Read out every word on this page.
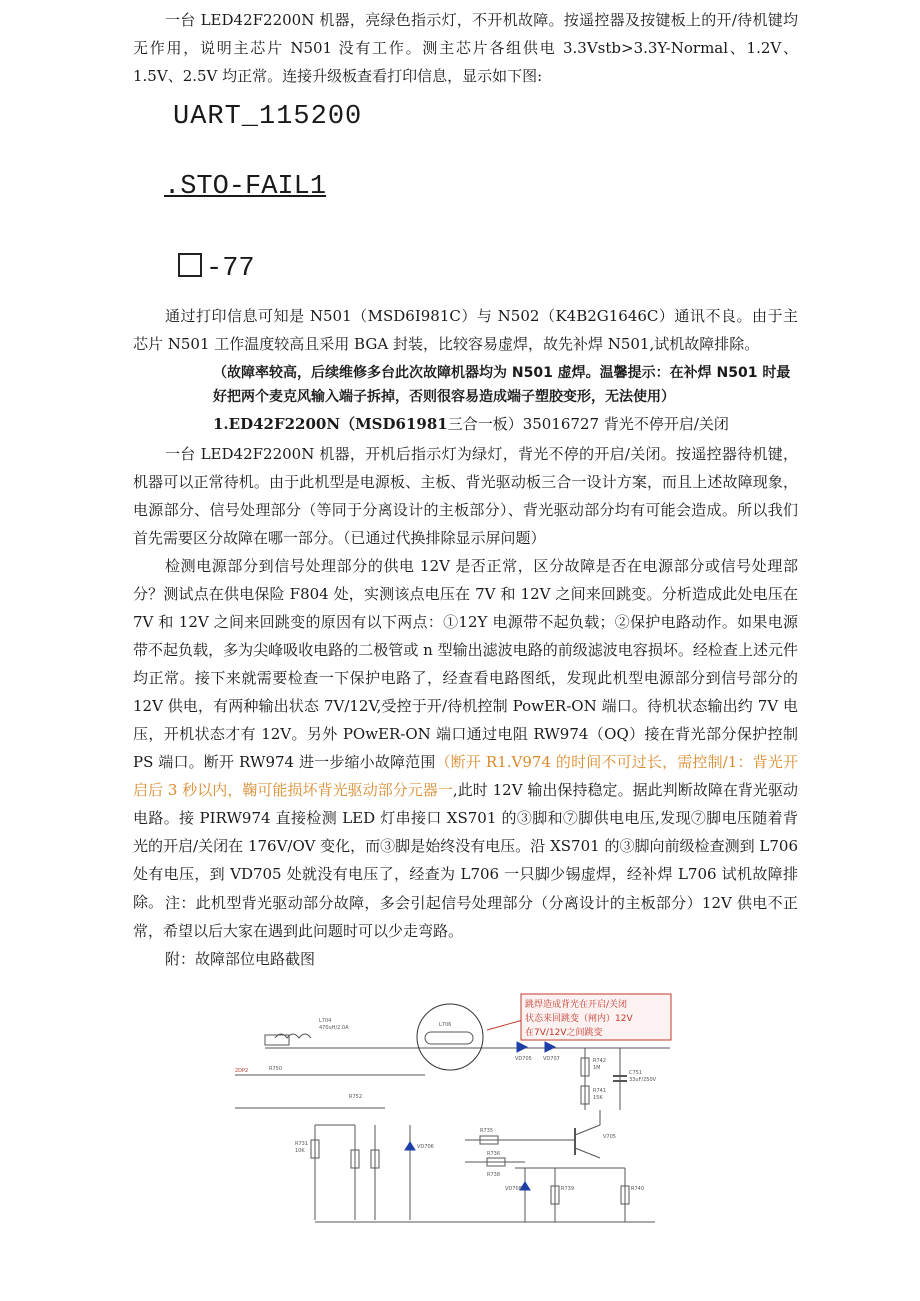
一台 LED42F2200N 机器，亮绿色指示灯，不开机故障。按遥控器及按键板上的开/待机键均无作用，说明主芯片 N501 没有工作。测主芯片各组供电 3.3Vstb>3.3Y-Normal、1.2V、1.5V、2.5V 均正常。连接升级板查看打印信息，显示如下图:

UART_115200

.STO-FAIL1

-77

通过打印信息可知是 N501（MSD6I981C）与 N502（K4B2G1646C）通讯不良。由于主芯片 N501 工作温度较高且采用 BGA 封装，比较容易虚焊，故先补焊 N501,试机故障排除。

（故障率较高，后续维修多台此次故障机器均为 N501 虚焊。温馨提示：在补焊 N501 时最好把两个麦克风输入端子拆掉，否则很容易造成端子塑胶变形，无法使用）

1.ED42F2200N（MSD61981三合一板）35016727 背光不停开启/关闭

一台 LED42F2200N 机器，开机后指示灯为绿灯，背光不停的开启/关闭。按遥控器待机键，机器可以正常待机。由于此机型是电源板、主板、背光驱动板三合一设计方案，而且上述故障现象，电源部分、信号处理部分（等同于分离设计的主板部分）、背光驱动部分均有可能会造成。所以我们首先需要区分故障在哪一部分。（已通过代换排除显示屏问题）

检测电源部分到信号处理部分的供电 12V 是否正常，区分故障是否在电源部分或信号处理部分？测试点在供电保险 F804 处，实测该点电压在 7V 和 12V 之间来回跳变。分析造成此处电压在 7V 和 12V 之间来回跳变的原因有以下两点：①12Y 电源带不起负载；②保护电路动作。如果电源带不起负载，多为尖峰吸收电路的二极管或 n 型输出滤波电路的前级滤波电容损坏。经检查上述元件均正常。接下来就需要检查一下保护电路了，经查看电路图纸，发现此机型电源部分到信号部分的 12V 供电，有两种输出状态 7V/12V,受控于开/待机控制 PowER-ON 端口。待机状态输出约 7V 电压，开机状态才有 12V。另外 POwER-ON 端口通过电阻 RW974（OQ）接在背光部分保护控制 PS 端口。断开 RW974 进一步缩小故障范围（断开 R1.V974 的时间不可过长，需控制/1：背光开启后 3 秒以内，鞠可能损坏背光驱动部分元器一,此时 12V 输出保持稳定。据此判断故障在背光驱动电路。接 PIRW974 直接检测 LED 灯串接口 XS701 的③脚和⑦脚供电电压,发现⑦脚电压随着背光的开启/关闭在 176V/OV 变化，而③脚是始终没有电压。沿 XS701 的③脚向前级检查测到 L706 处有电压，到 VD705 处就没有电压了，经查为 L706 一只脚少锡虚焊，经补焊 L706 试机故障排除。 注：此机型背光驱动部分故障，多会引起信号处理部分（分离设计的主板部分）12V 供电不正常，希望以后大家在遇到此问题时可以少走弯路。

附：故障部位电路截图

跳焊造成背光在开启/关闭
状态来回跳变（闸内）12V
在7V/12V之间跳变
L704
470uH/2.0A	L706
VD705 VD707	R742
1M
C751
33uF/250V
R741
15K
R731
10K
VD706
R735
R736
V705
R738
VD708	R739	R740
R750
R752
2DP2
